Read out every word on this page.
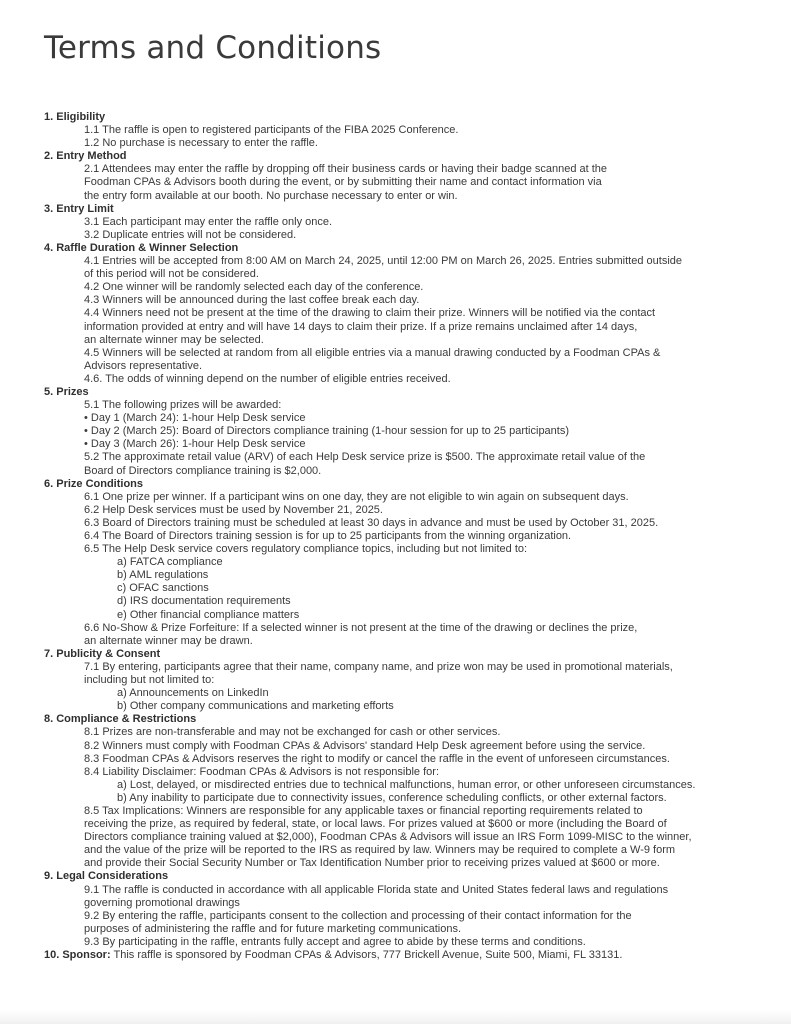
Terms and Conditions
1. Eligibility
1.1 The raffle is open to registered participants of the FIBA 2025 Conference.
1.2 No purchase is necessary to enter the raffle.
2. Entry Method
2.1 Attendees may enter the raffle by dropping off their business cards or having their badge scanned at the
Foodman CPAs & Advisors booth during the event, or by submitting their name and contact information via
the entry form available at our booth. No purchase necessary to enter or win.
3. Entry Limit
3.1 Each participant may enter the raffle only once.
3.2 Duplicate entries will not be considered.
4. Raffle Duration & Winner Selection
4.1 Entries will be accepted from 8:00 AM on March 24, 2025, until 12:00 PM on March 26, 2025. Entries submitted outside
of this period will not be considered.
4.2 One winner will be randomly selected each day of the conference.
4.3 Winners will be announced during the last coffee break each day.
4.4 Winners need not be present at the time of the drawing to claim their prize. Winners will be notified via the contact
information provided at entry and will have 14 days to claim their prize. If a prize remains unclaimed after 14 days,
an alternate winner may be selected.
4.5 Winners will be selected at random from all eligible entries via a manual drawing conducted by a Foodman CPAs &
Advisors representative.
4.6. The odds of winning depend on the number of eligible entries received.
5. Prizes
5.1 The following prizes will be awarded:
• Day 1 (March 24): 1-hour Help Desk service
• Day 2 (March 25): Board of Directors compliance training (1-hour session for up to 25 participants)
• Day 3 (March 26): 1-hour Help Desk service
5.2 The approximate retail value (ARV) of each Help Desk service prize is $500. The approximate retail value of the
Board of Directors compliance training is $2,000.
6. Prize Conditions
6.1 One prize per winner. If a participant wins on one day, they are not eligible to win again on subsequent days.
6.2 Help Desk services must be used by November 21, 2025.
6.3 Board of Directors training must be scheduled at least 30 days in advance and must be used by October 31, 2025.
6.4 The Board of Directors training session is for up to 25 participants from the winning organization.
6.5 The Help Desk service covers regulatory compliance topics, including but not limited to:
a) FATCA compliance
b) AML regulations
c) OFAC sanctions
d) IRS documentation requirements
e) Other financial compliance matters
6.6 No-Show & Prize Forfeiture: If a selected winner is not present at the time of the drawing or declines the prize,
an alternate winner may be drawn.
7. Publicity & Consent
7.1 By entering, participants agree that their name, company name, and prize won may be used in promotional materials,
including but not limited to:
a) Announcements on LinkedIn
b) Other company communications and marketing efforts
8. Compliance & Restrictions
8.1 Prizes are non-transferable and may not be exchanged for cash or other services.
8.2 Winners must comply with Foodman CPAs & Advisors' standard Help Desk agreement before using the service.
8.3 Foodman CPAs & Advisors reserves the right to modify or cancel the raffle in the event of unforeseen circumstances.
8.4 Liability Disclaimer: Foodman CPAs & Advisors is not responsible for:
a) Lost, delayed, or misdirected entries due to technical malfunctions, human error, or other unforeseen circumstances.
b) Any inability to participate due to connectivity issues, conference scheduling conflicts, or other external factors.
8.5 Tax Implications: Winners are responsible for any applicable taxes or financial reporting requirements related to
receiving the prize, as required by federal, state, or local laws. For prizes valued at $600 or more (including the Board of
Directors compliance training valued at $2,000), Foodman CPAs & Advisors will issue an IRS Form 1099-MISC to the winner,
and the value of the prize will be reported to the IRS as required by law. Winners may be required to complete a W-9 form
and provide their Social Security Number or Tax Identification Number prior to receiving prizes valued at $600 or more.
9. Legal Considerations
9.1 The raffle is conducted in accordance with all applicable Florida state and United States federal laws and regulations
governing promotional drawings
9.2 By entering the raffle, participants consent to the collection and processing of their contact information for the
purposes of administering the raffle and for future marketing communications.
9.3 By participating in the raffle, entrants fully accept and agree to abide by these terms and conditions.
10. Sponsor: This raffle is sponsored by Foodman CPAs & Advisors, 777 Brickell Avenue, Suite 500, Miami, FL 33131.
